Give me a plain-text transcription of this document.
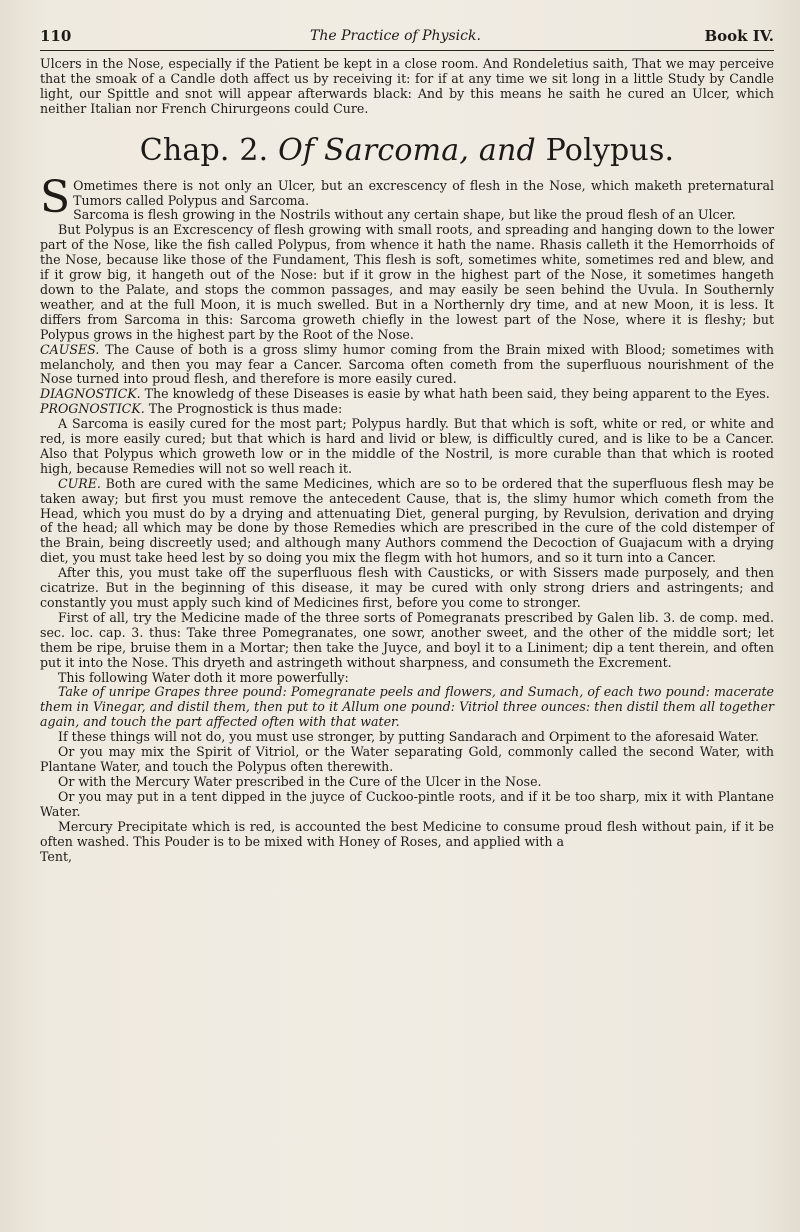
110	The Practice of Physick.	Book IV.

Ulcers in the Nose, especially if the Patient be kept in a close room. And Rondeletius saith, That we may perceive that the smoak of a Candle doth affect us by receiving it: for if at any time we sit long in a little Study by Candle light, our Spittle and snot will appear afterwards black: And by this means he saith he cured an Ulcer, which neither Italian nor French Chirurgeons could Cure.

Chap. 2. Of Sarcoma, and Polypus.

S Ometimes there is not only an Ulcer, but an excrescency of flesh in the Nose, which maketh preternatural Tumors called Polypus and Sarcoma.

Sarcoma is flesh growing in the Nostrils without any certain shape, but like the proud flesh of an Ulcer.

But Polypus is an Excrescency of flesh growing with small roots, and spreading and hanging down to the lower part of the Nose, like the fish called Polypus, from whence it hath the name. Rhasis calleth it the Hemorrhoids of the Nose, because like those of the Fundament, This flesh is soft, sometimes white, sometimes red and blew, and if it grow big, it hangeth out of the Nose: but if it grow in the highest part of the Nose, it sometimes hangeth down to the Palate, and stops the common passages, and may easily be seen behind the Uvula. In Southernly weather, and at the full Moon, it is much swelled. But in a Northernly dry time, and at new Moon, it is less. It differs from Sarcoma in this: Sarcoma groweth chiefly in the lowest part of the Nose, where it is fleshy; but Polypus grows in the highest part by the Root of the Nose.

CAUSES. The Cause of both is a gross slimy humor coming from the Brain mixed with Blood; sometimes with melancholy, and then you may fear a Cancer. Sarcoma often cometh from the superfluous nourishment of the Nose turned into proud flesh, and therefore is more easily cured.

DIAGNOSTICK. The knowledg of these Diseases is easie by what hath been said, they being apparent to the Eyes.

PROGNOSTICK. The Prognostick is thus made:

A Sarcoma is easily cured for the most part; Polypus hardly. But that which is soft, white or red, or white and red, is more easily cured; but that which is hard and livid or blew, is difficultly cured, and is like to be a Cancer. Also that Polypus which groweth low or in the middle of the Nostril, is more curable than that which is rooted high, because Remedies will not so well reach it.

CURE. Both are cured with the same Medicines, which are so to be ordered that the superfluous flesh may be taken away; but first you must remove the antecedent Cause, that is, the slimy humor which cometh from the Head, which you must do by a drying and attenuating Diet, general purging, by Revulsion, derivation and drying of the head; all which may be done by those Remedies which are prescribed in the cure of the cold distemper of the Brain, being discreetly used; and although many Authors commend the Decoction of Guajacum with a drying diet, you must take heed lest by so doing you mix the flegm with hot humors, and so it turn into a Cancer.

After this, you must take off the superfluous flesh with Causticks, or with Sissers made purposely, and then cicatrize. But in the beginning of this disease, it may be cured with only strong driers and astringents; and constantly you must apply such kind of Medicines first, before you come to stronger.

First of all, try the Medicine made of the three sorts of Pomegranats prescribed by Galen lib. 3. de comp. med. sec. loc. cap. 3. thus: Take three Pomegranates, one sowr, another sweet, and the other of the middle sort; let them be ripe, bruise them in a Mortar; then take the Juyce, and boyl it to a Liniment; dip a tent therein, and often put it into the Nose. This dryeth and astringeth without sharpness, and consumeth the Excrement.

This following Water doth it more powerfully:

Take of unripe Grapes three pound: Pomegranate peels and flowers, and Sumach, of each two pound: macerate them in Vinegar, and distil them, then put to it Allum one pound: Vitriol three ounces: then distil them all together again, and touch the part affected often with that water.

If these things will not do, you must use stronger, by putting Sandarach and Orpiment to the aforesaid Water.

Or you may mix the Spirit of Vitriol, or the Water separating Gold, commonly called the second Water, with Plantane Water, and touch the Polypus often therewith.

Or with the Mercury Water prescribed in the Cure of the Ulcer in the Nose.

Or you may put in a tent dipped in the juyce of Cuckoo-pintle roots, and if it be too sharp, mix it with Plantane Water.

Mercury Precipitate which is red, is accounted the best Medicine to consume proud flesh without pain, if it be often washed. This Pouder is to be mixed with Honey of Roses, and applied with a

Tent,
